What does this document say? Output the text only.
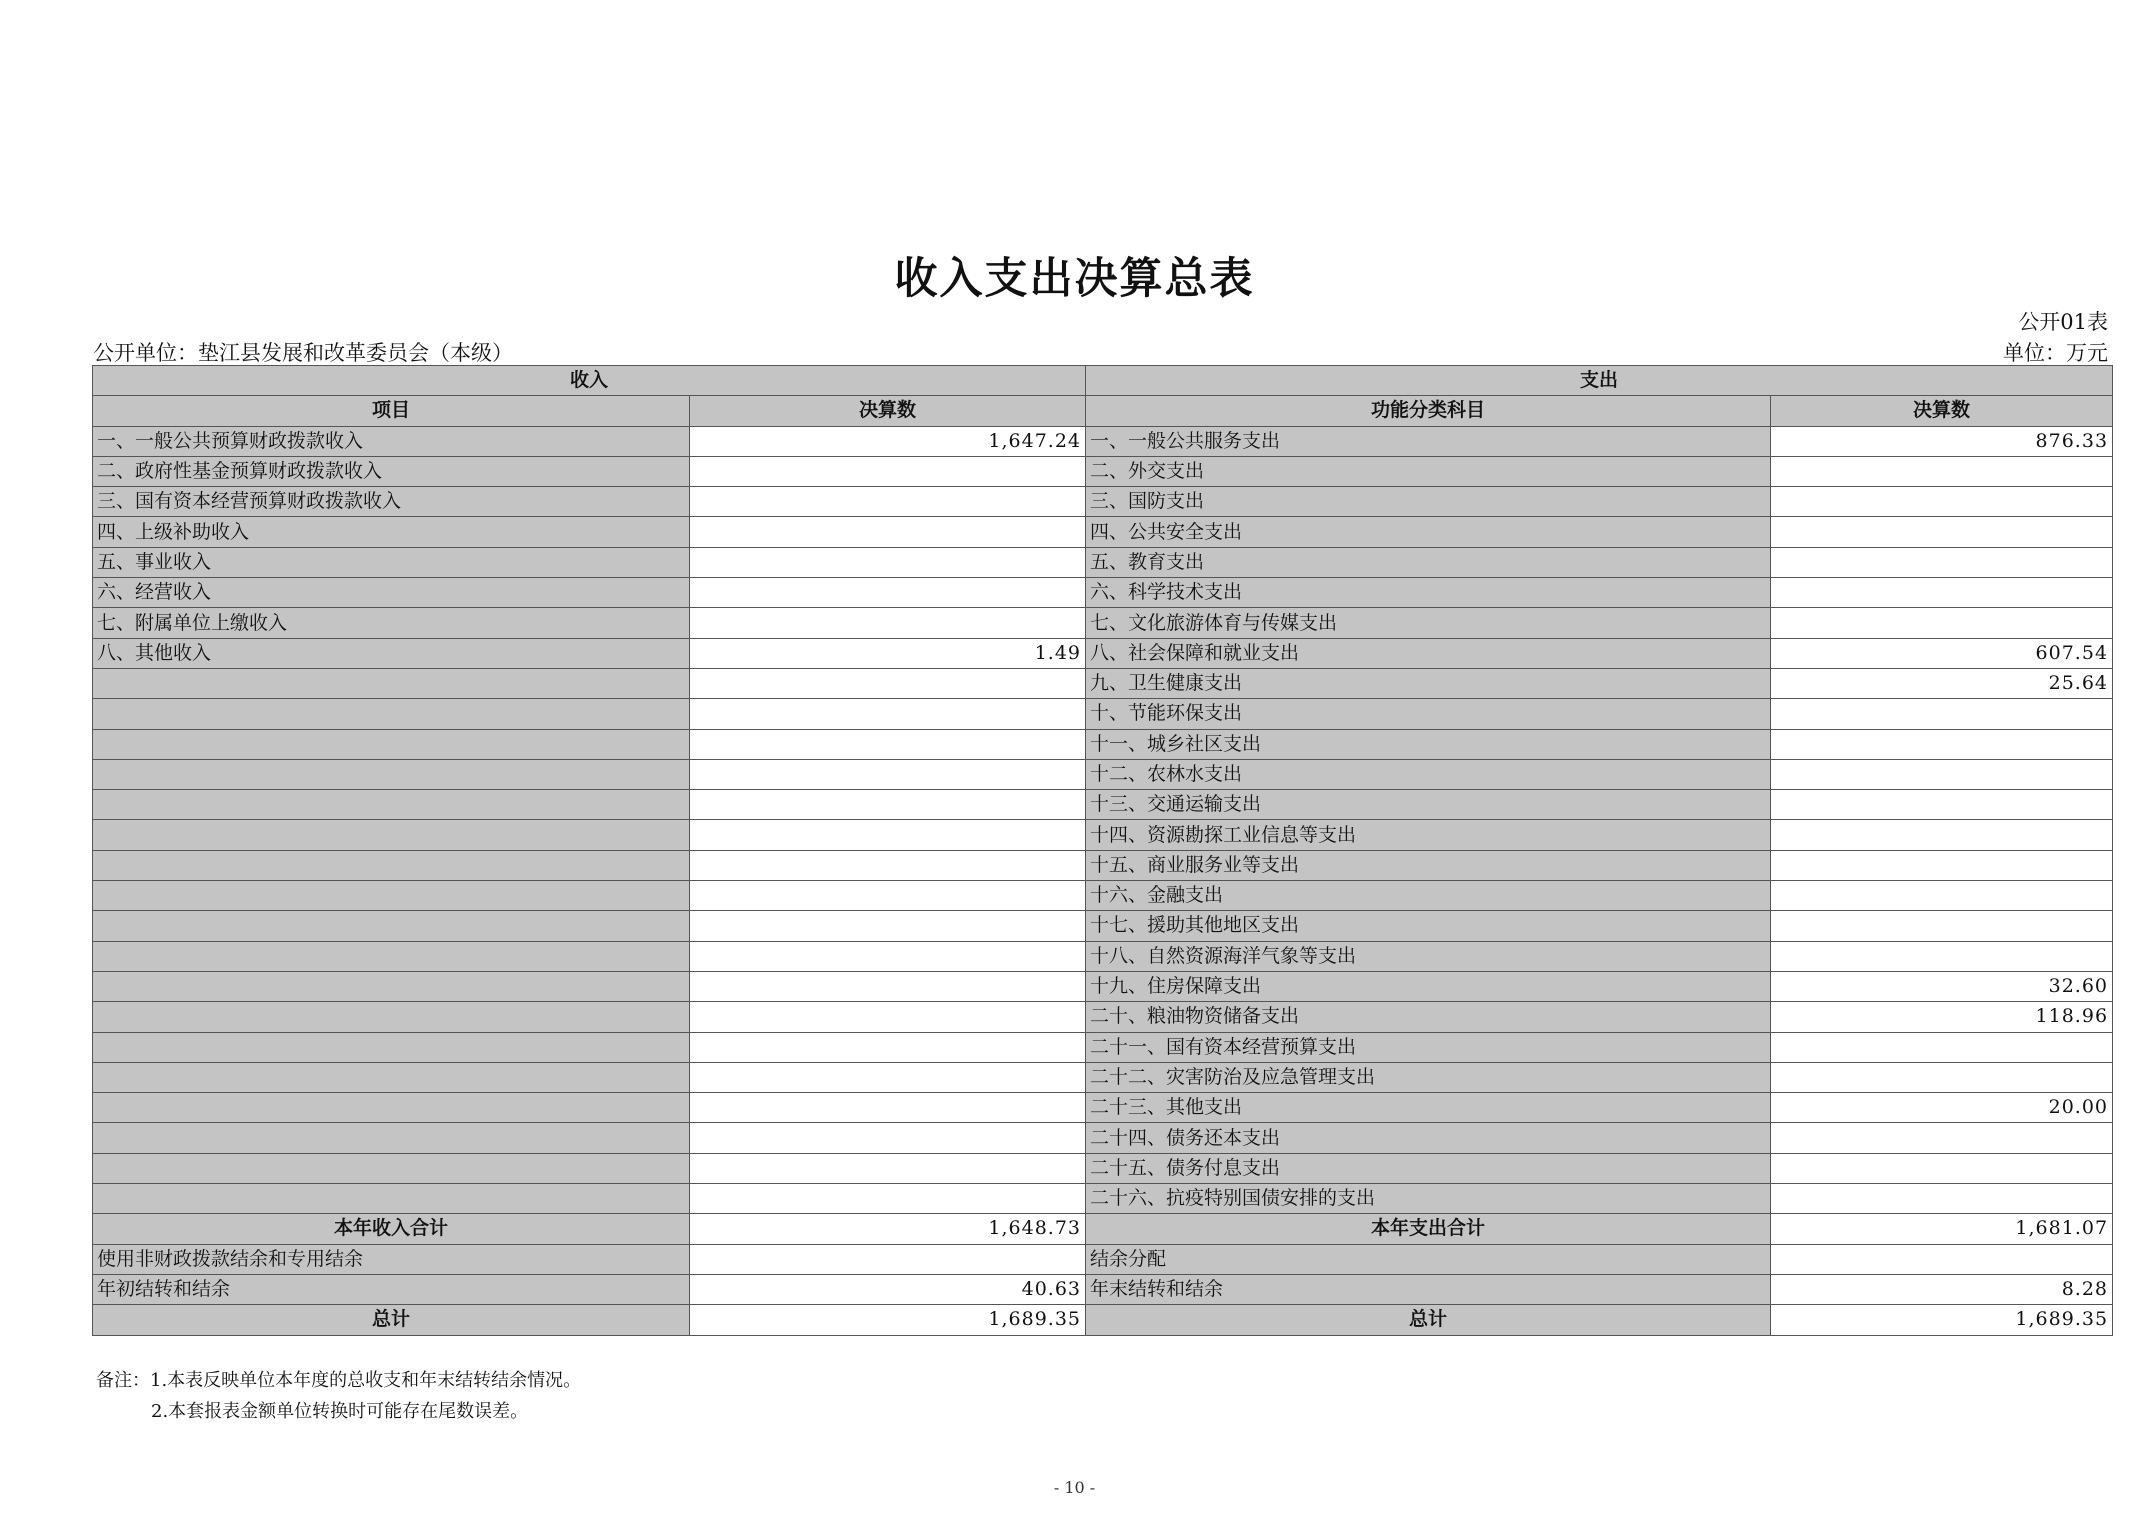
收入支出决算总表
公开01表
公开单位：垫江县发展和改革委员会（本级）	单位：万元
收入		支出	
项目	决算数	功能分类科目	决算数
一、一般公共预算财政拨款收入	1,647.24	一、一般公共服务支出	876.33
二、政府性基金预算财政拨款收入		二、外交支出	
三、国有资本经营预算财政拨款收入		三、国防支出	
四、上级补助收入		四、公共安全支出	
五、事业收入		五、教育支出	
六、经营收入		六、科学技术支出	
七、附属单位上缴收入		七、文化旅游体育与传媒支出	
八、其他收入	1.49	八、社会保障和就业支出	607.54
		九、卫生健康支出	25.64
		十、节能环保支出	
		十一、城乡社区支出	
		十二、农林水支出	
		十三、交通运输支出	
		十四、资源勘探工业信息等支出	
		十五、商业服务业等支出	
		十六、金融支出	
		十七、援助其他地区支出	
		十八、自然资源海洋气象等支出	
		十九、住房保障支出	32.60
		二十、粮油物资储备支出	118.96
		二十一、国有资本经营预算支出	
		二十二、灾害防治及应急管理支出	
		二十三、其他支出	20.00
		二十四、债务还本支出	
		二十五、债务付息支出	
		二十六、抗疫特别国债安排的支出	
本年收入合计	1,648.73	本年支出合计	1,681.07
使用非财政拨款结余和专用结余		结余分配	
年初结转和结余	40.63	年末结转和结余	8.28
总计	1,689.35	总计	1,689.35
备注：1.本表反映单位本年度的总收支和年末结转结余情况。
2.本套报表金额单位转换时可能存在尾数误差。
- 10 -
